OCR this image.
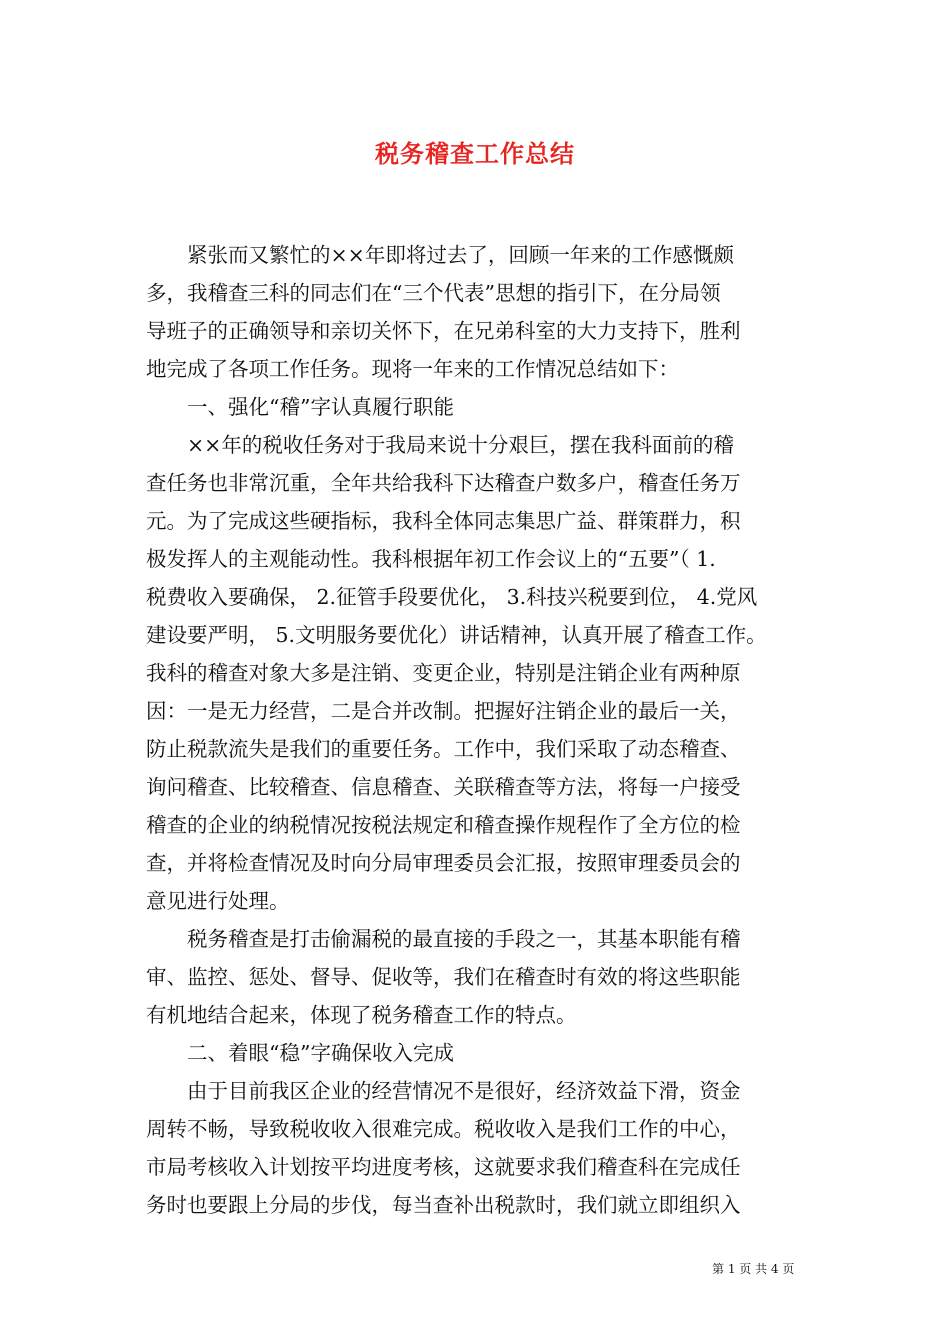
税务稽查工作总结
　　紧张而又繁忙的××年即将过去了，回顾一年来的工作感慨颇
多，我稽查三科的同志们在“三个代表”思想的指引下，在分局领
导班子的正确领导和亲切关怀下，在兄弟科室的大力支持下，胜利
地完成了各项工作任务。现将一年来的工作情况总结如下：
　　一、强化“稽”字认真履行职能
　　××年的税收任务对于我局来说十分艰巨，摆在我科面前的稽
查任务也非常沉重，全年共给我科下达稽查户数多户，稽查任务万
元。为了完成这些硬指标，我科全体同志集思广益、群策群力，积
极发挥人的主观能动性。我科根据年初工作会议上的“五要”（ 1.
税费收入要确保， 2.征管手段要优化， 3.科技兴税要到位， 4.党风
建设要严明， 5.文明服务要优化）讲话精神，认真开展了稽查工作。
我科的稽查对象大多是注销、变更企业，特别是注销企业有两种原
因：一是无力经营，二是合并改制。把握好注销企业的最后一关，
防止税款流失是我们的重要任务。工作中，我们采取了动态稽查、
询问稽查、比较稽查、信息稽查、关联稽查等方法，将每一户接受
稽查的企业的纳税情况按税法规定和稽查操作规程作了全方位的检
查，并将检查情况及时向分局审理委员会汇报，按照审理委员会的
意见进行处理。
　　税务稽查是打击偷漏税的最直接的手段之一，其基本职能有稽
审、监控、惩处、督导、促收等，我们在稽查时有效的将这些职能
有机地结合起来，体现了税务稽查工作的特点。
　　二、着眼“稳”字确保收入完成
　　由于目前我区企业的经营情况不是很好，经济效益下滑，资金
周转不畅，导致税收收入很难完成。税收收入是我们工作的中心，
市局考核收入计划按平均进度考核，这就要求我们稽查科在完成任
务时也要跟上分局的步伐，每当查补出税款时，我们就立即组织入
第 1 页 共 4 页
